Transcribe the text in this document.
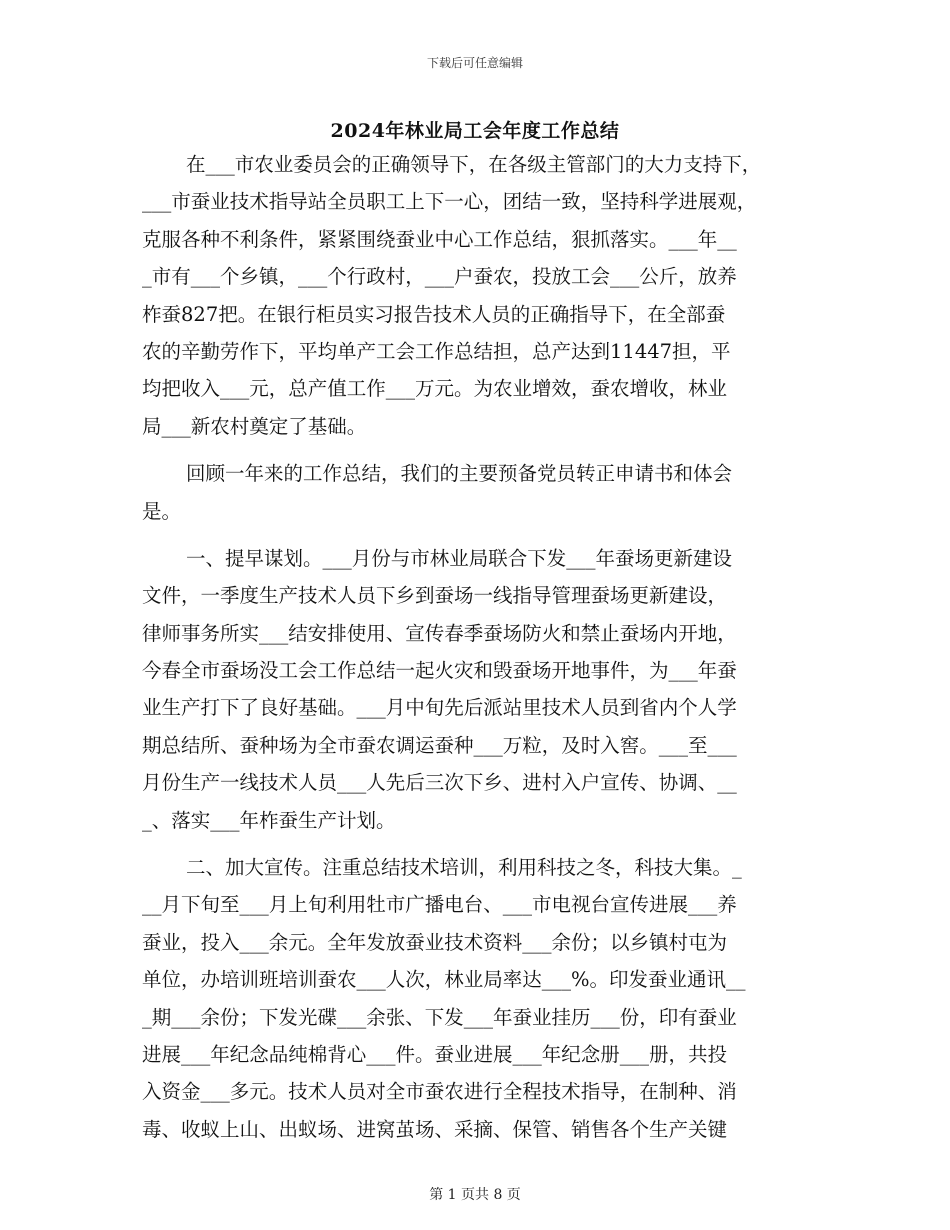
下载后可任意编辑
2024年林业局工会年度工作总结
在___市农业委员会的正确领导下，在各级主管部门的大力支持下，
___市蚕业技术指导站全员职工上下一心，团结一致，坚持科学进展观，
克服各种不利条件，紧紧围绕蚕业中心工作总结，狠抓落实。___年__
_市有___个乡镇，___个行政村，___户蚕农，投放工会___公斤，放养
柞蚕827把。在银行柜员实习报告技术人员的正确指导下，在全部蚕
农的辛勤劳作下，平均单产工会工作总结担，总产达到11447担，平
均把收入___元，总产值工作___万元。为农业增效，蚕农增收，林业
局___新农村奠定了基础。
回顾一年来的工作总结，我们的主要预备党员转正申请书和体会
是。
一、提早谋划。___月份与市林业局联合下发___年蚕场更新建设
文件，一季度生产技术人员下乡到蚕场一线指导管理蚕场更新建设，
律师事务所实___结安排使用、宣传春季蚕场防火和禁止蚕场内开地，
今春全市蚕场没工会工作总结一起火灾和毁蚕场开地事件，为___年蚕
业生产打下了良好基础。___月中旬先后派站里技术人员到省内个人学
期总结所、蚕种场为全市蚕农调运蚕种___万粒，及时入窖。___至___
月份生产一线技术人员___人先后三次下乡、进村入户宣传、协调、__
_、落实___年柞蚕生产计划。
二、加大宣传。注重总结技术培训，利用科技之冬，科技大集。_
__月下旬至___月上旬利用牡市广播电台、___市电视台宣传进展___养
蚕业，投入___余元。全年发放蚕业技术资料___余份；以乡镇村屯为
单位，办培训班培训蚕农___人次，林业局率达___%。印发蚕业通讯__
_期___余份；下发光碟___余张、下发___年蚕业挂历___份，印有蚕业
进展___年纪念品纯棉背心___件。蚕业进展___年纪念册___册，共投
入资金___多元。技术人员对全市蚕农进行全程技术指导，在制种、消
毒、收蚁上山、出蚁场、进窝茧场、采摘、保管、销售各个生产关键
第 1 页共 8 页
